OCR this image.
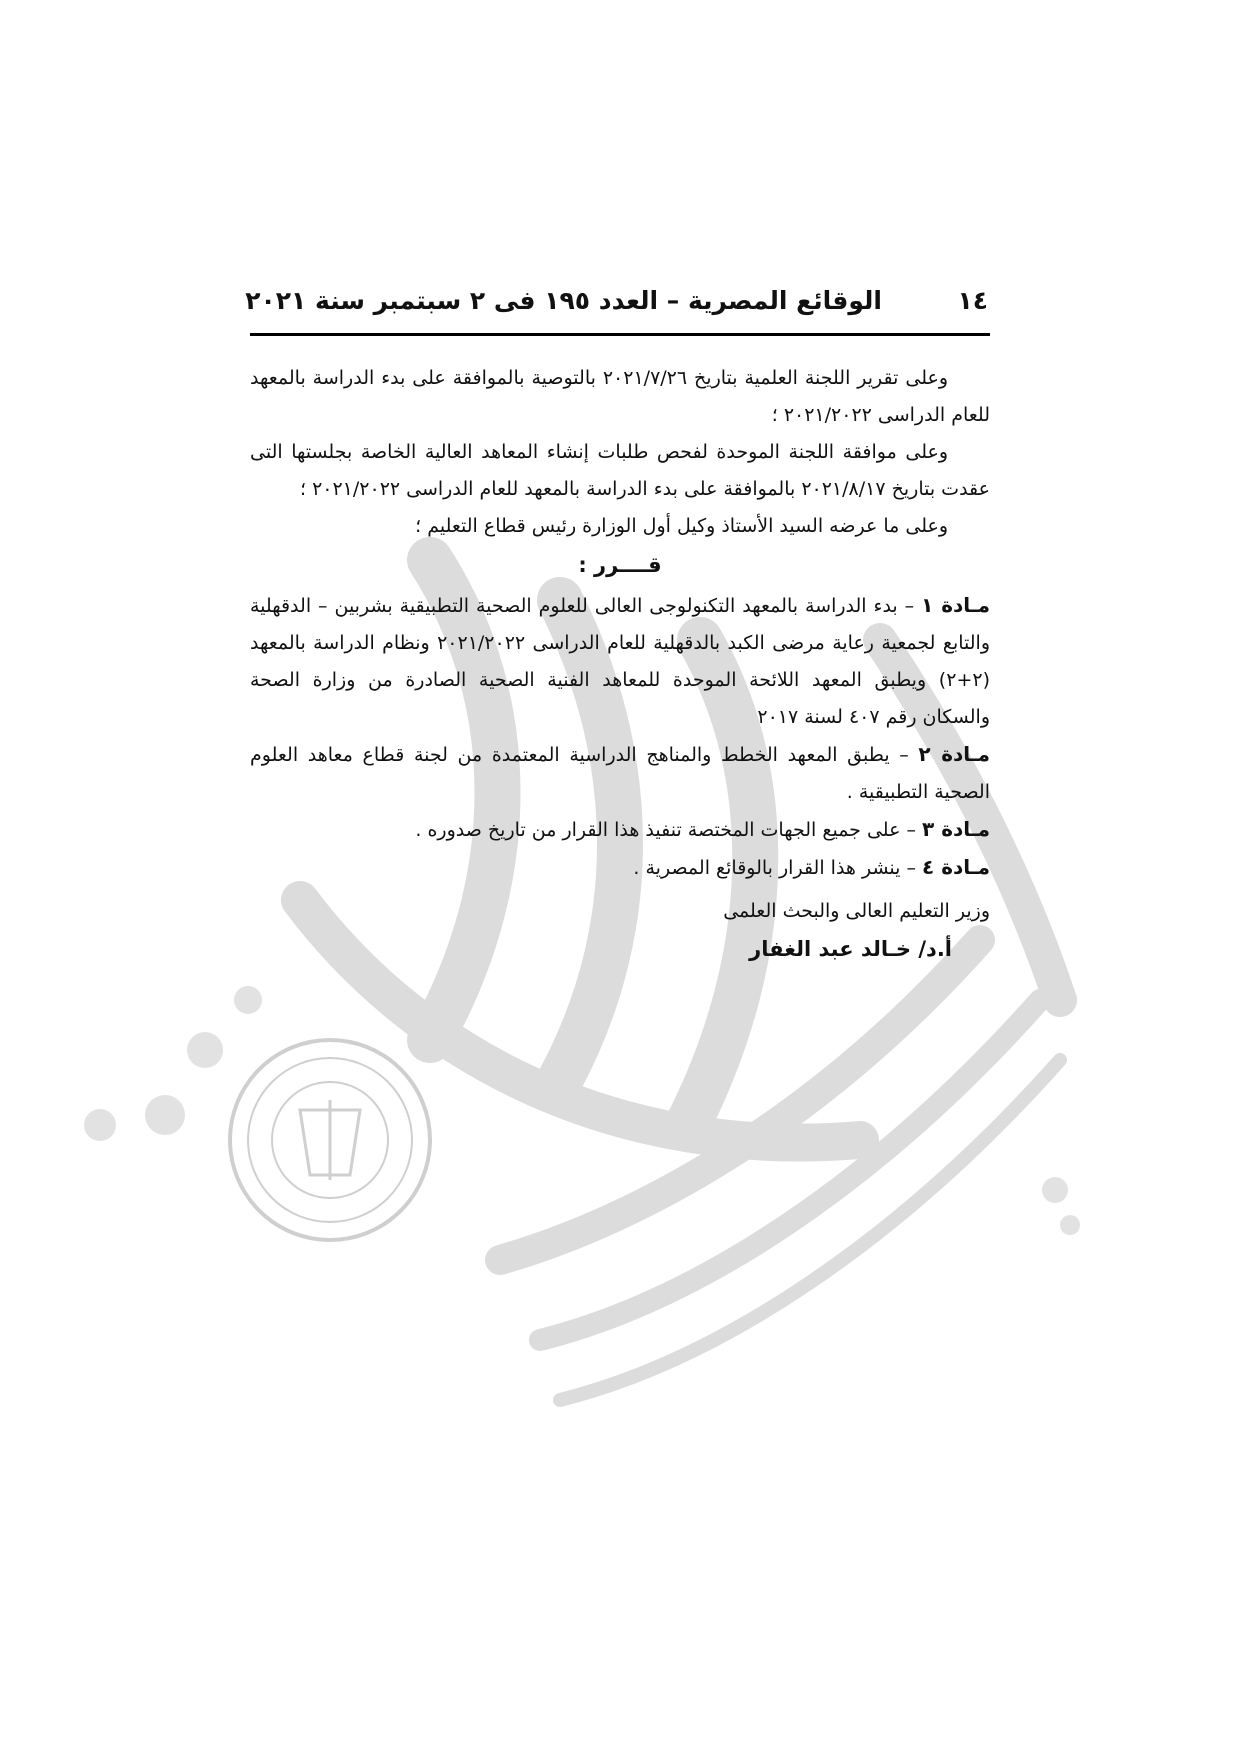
١٤
الوقائع المصرية – العدد ١٩٥ فى ٢ سبتمبر سنة ٢٠٢١

وعلى تقرير اللجنة العلمية بتاريخ ٢٠٢١/٧/٢٦ بالتوصية بالموافقة على بدء الدراسة بالمعهد للعام الدراسى ٢٠٢١/٢٠٢٢ ؛

وعلى موافقة اللجنة الموحدة لفحص طلبات إنشاء المعاهد العالية الخاصة بجلستها التى عقدت بتاريخ ٢٠٢١/٨/١٧ بالموافقة على بدء الدراسة بالمعهد للعام الدراسى ٢٠٢١/٢٠٢٢ ؛

وعلى ما عرضه السيد الأستاذ وكيل أول الوزارة رئيس قطاع التعليم ؛

قــــرر :

مـادة ١ – بدء الدراسة بالمعهد التكنولوجى العالى للعلوم الصحية التطبيقية بشربين – الدقهلية والتابع لجمعية رعاية مرضى الكبد بالدقهلية للعام الدراسى ٢٠٢١/٢٠٢٢ ونظام الدراسة بالمعهد (٢+٢) ويطبق المعهد اللائحة الموحدة للمعاهد الفنية الصحية الصادرة من وزارة الصحة والسكان رقم ٤٠٧ لسنة ٢٠١٧

مـادة ٢ – يطبق المعهد الخطط والمناهج الدراسية المعتمدة من لجنة قطاع معاهد العلوم الصحية التطبيقية .

مـادة ٣ – على جميع الجهات المختصة تنفيذ هذا القرار من تاريخ صدوره .

مـادة ٤ – ينشر هذا القرار بالوقائع المصرية .

وزير التعليم العالى والبحث العلمى
أ.د/ خـالد عبد الغفار
